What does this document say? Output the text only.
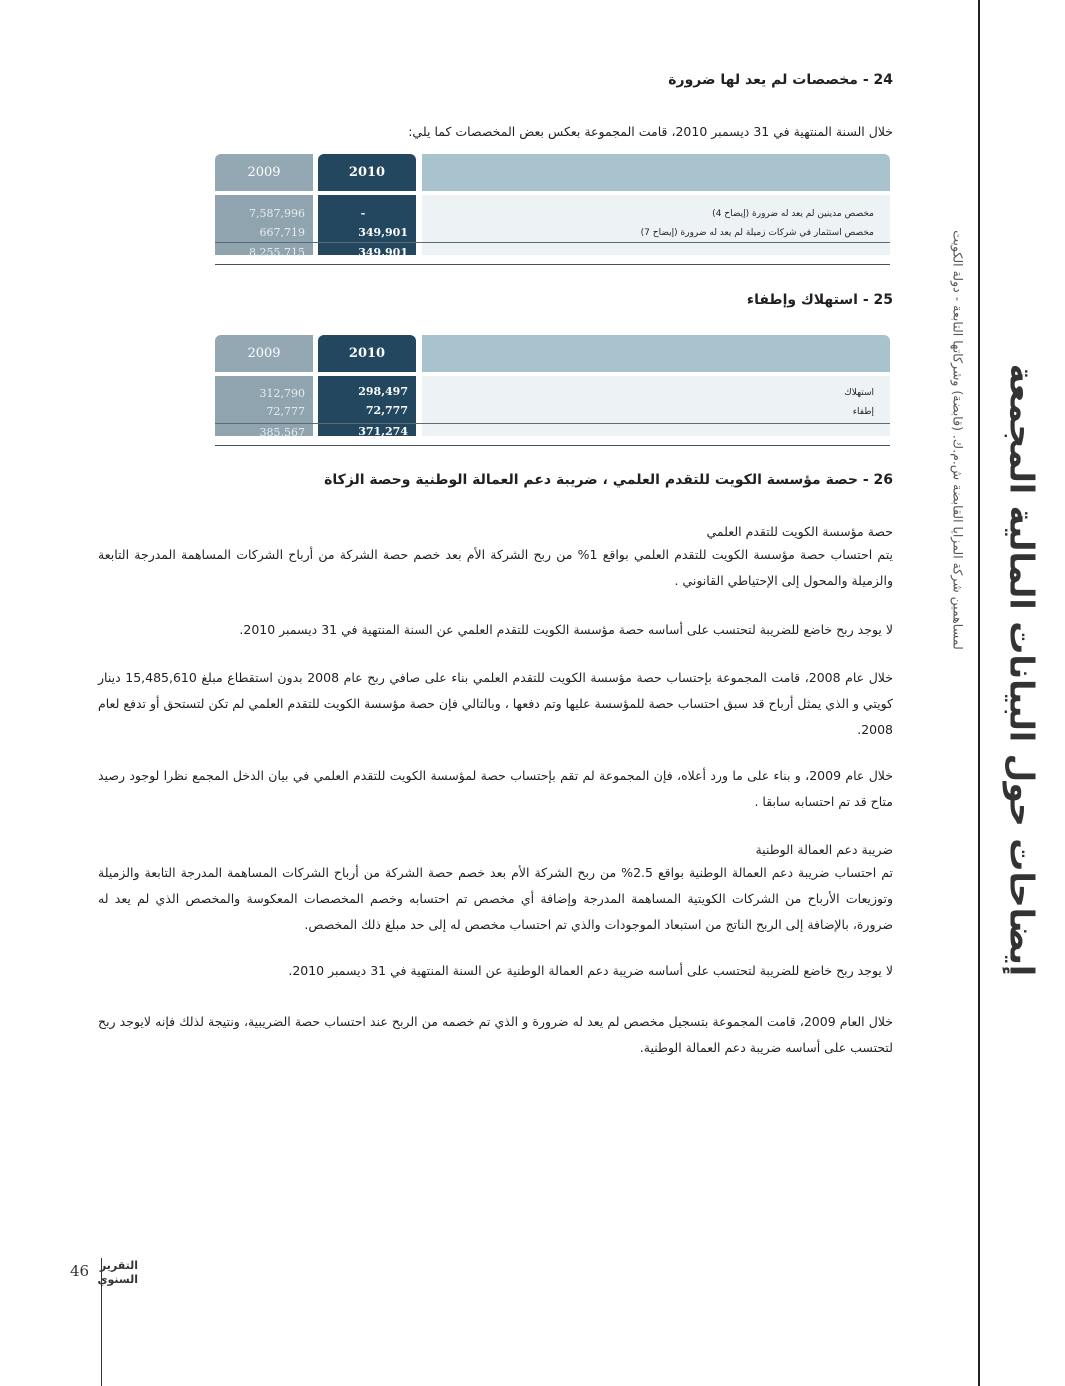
24 - مخصصات لم يعد لها ضرورة
خلال السنة المنتهية في 31 ديسمبر 2010، قامت المجموعة بعكس بعض المخصصات كما يلي:
2009	2010
7,587,996	-	مخصص مدينين لم يعد له ضرورة (إيضاح 4)
667,719	349,901	مخصص استثمار في شركات زميلة لم يعد له ضرورة (إيضاح 7)
8,255,715	349,901
25 - استهلاك وإطفاء
2009	2010
312,790	298,497	استهلاك
72,777	72,777	إطفاء
385,567	371,274
26 - حصة مؤسسة الكويت للتقدم العلمي ، ضريبة دعم العمالة الوطنية وحصة الزكاة
حصة مؤسسة الكويت للتقدم العلمي

يتم احتساب حصة مؤسسة الكويت للتقدم العلمي بواقع 1% من ربح الشركة الأم بعد خصم حصة الشركة من أرباح الشركات المساهمة المدرجة التابعة والزميلة والمحول إلى الإحتياطي القانوني .

لا يوجد ربح خاضع للضريبة لتحتسب على أساسه حصة مؤسسة الكويت للتقدم العلمي عن السنة المنتهية في 31 ديسمبر 2010.

خلال عام 2008، قامت المجموعة بإحتساب حصة مؤسسة الكويت للتقدم العلمي بناء على صافي ربح عام 2008 بدون استقطاع مبلغ 15,485,610 دينار كويتي و الذي يمثل أرباح قد سبق احتساب حصة للمؤسسة عليها وتم دفعها ، وبالتالي فإن حصة مؤسسة الكويت للتقدم العلمي لم تكن لتستحق أو تدفع لعام 2008.

خلال عام 2009، و بناء على ما ورد أعلاه، فإن المجموعة لم تقم بإحتساب حصة لمؤسسة الكويت للتقدم العلمي في بيان الدخل المجمع نظرا لوجود رصيد متاح قد تم احتسابه سابقا .

ضريبة دعم العمالة الوطنية

تم احتساب ضريبة دعم العمالة الوطنية بواقع 2.5% من ربح الشركة الأم بعد خصم حصة الشركة من أرباح الشركات المساهمة المدرجة التابعة والزميلة وتوزيعات الأرباح من الشركات الكويتية المساهمة المدرجة وإضافة أي مخصص تم احتسابه وخصم المخصصات المعكوسة والمخصص الذي لم يعد له ضرورة، بالإضافة إلى الربح الناتج من استبعاد الموجودات والذي تم احتساب مخصص له إلى حد مبلغ ذلك المخصص.

لا يوجد ربح خاضع للضريبة لتحتسب على أساسه ضريبة دعم العمالة الوطنية عن السنة المنتهية في 31 ديسمبر 2010.

خلال العام 2009، قامت المجموعة بتسجيل مخصص لم يعد له ضرورة و الذي تم خصمه من الربح عند احتساب حصة الضريبية، ونتيجة لذلك فإنه لايوجد ربح لتحتسب على أساسه ضريبة دعم العمالة الوطنية.

إيضاحات حول البيانات المالية المجمعة
لمساهمين شركة المزايا القابضة ش.م.ك. (قابضة) وشركاتها التابعة - دولة الكويت
46 التقرير
السنوي
